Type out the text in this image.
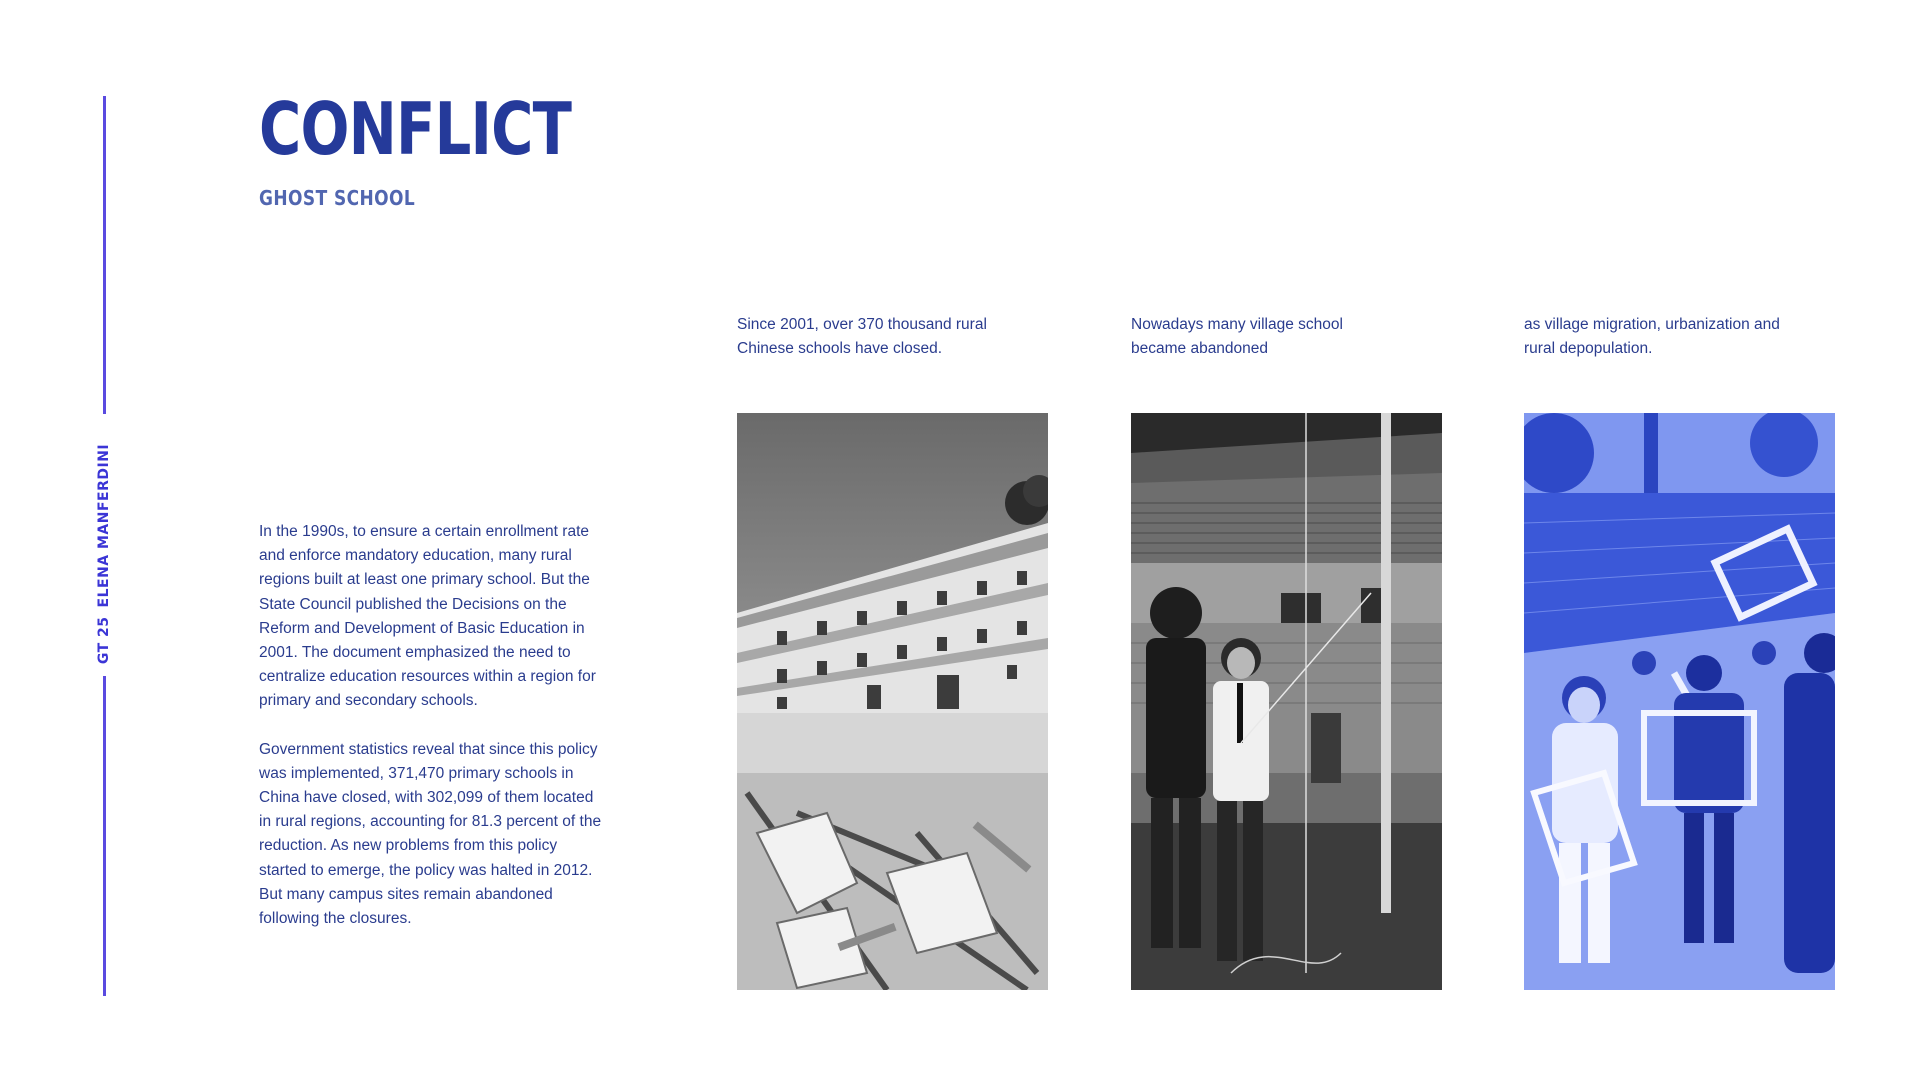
GT 25ELENA MANFERDINI
CONFLICT
GHOST SCHOOL

In the 1990s, to ensure a certain enrollment rate and enforce mandatory education, many rural regions built at least one primary school. But the State Council published the Decisions on the Reform and Development of Basic Education in 2001. The document emphasized the need to centralize education resources within a region for primary and secondary schools.

Government statistics reveal that since this policy was implemented, 371,470 primary schools in China have closed, with 302,099 of them located in rural regions, accounting for 81.3 percent of the reduction. As new problems from this policy started to emerge, the policy was halted in 2012. But many campus sites remain abandoned following the closures.

Since 2001, over 370 thousand rural Chinese schools have closed.
Nowadays many village school became abandoned
as village migration, urbanization and rural depopulation.
